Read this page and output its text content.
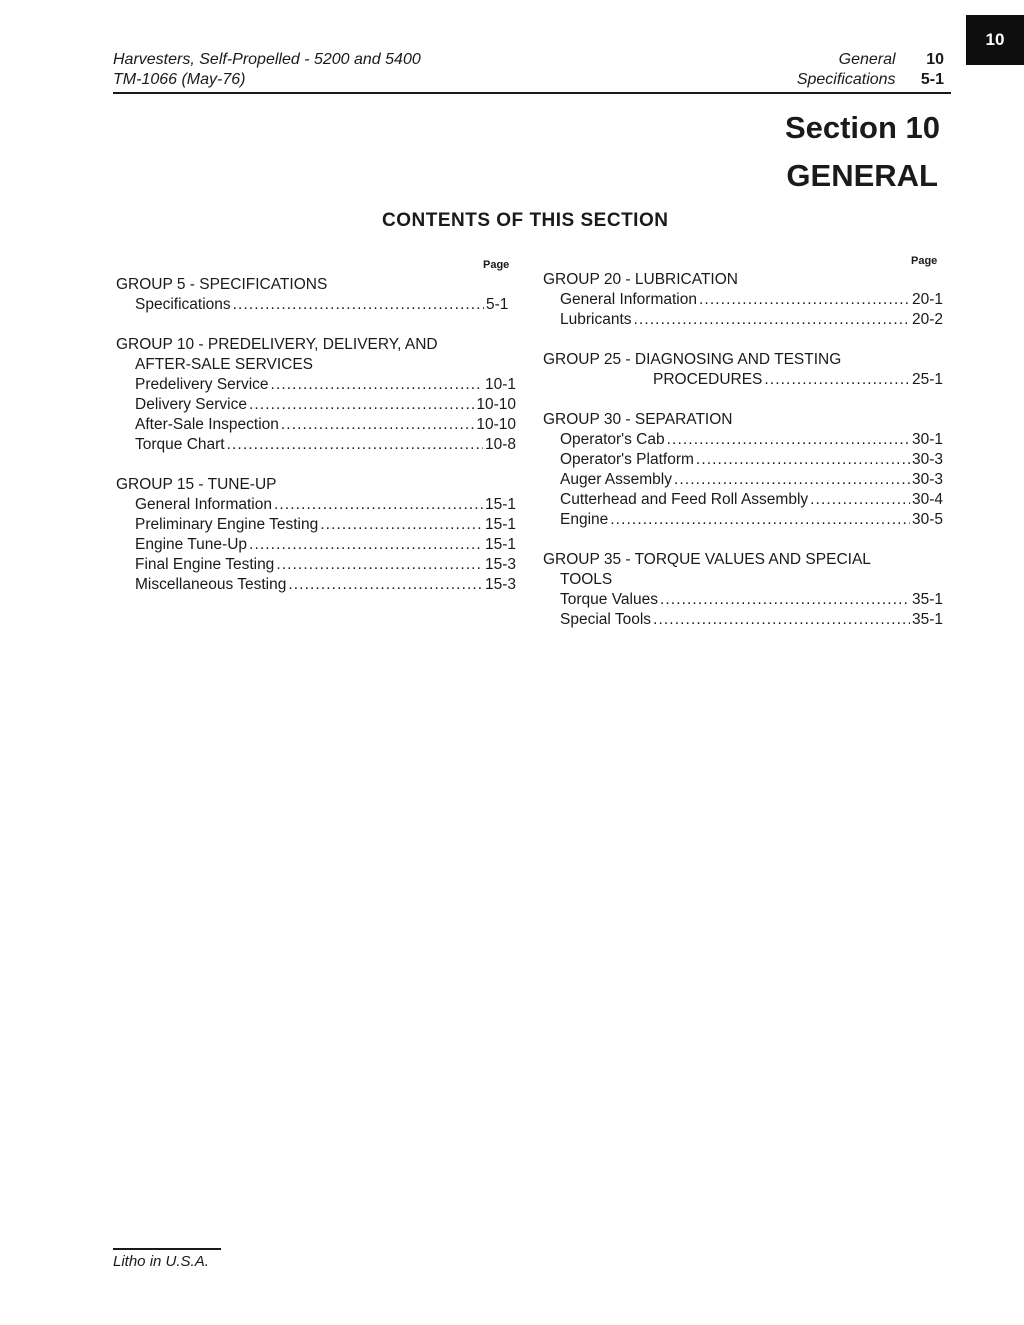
Harvesters, Self-Propelled - 5200 and 5400
TM-1066 (May-76)
General 10
Specifications 5-1
10
Section 10
GENERAL
CONTENTS OF THIS SECTION
Page	Page
GROUP 5 - SPECIFICATIONS
Specifications . . .	5-1
GROUP 10 - PREDELIVERY, DELIVERY, AND
AFTER-SALE SERVICES
Predelivery Service . . .	10-1
Delivery Service . . .	10-10
After-Sale Inspection . . .	10-10
Torque Chart . . .	10-8
GROUP 15 - TUNE-UP
General Information . . .	15-1
Preliminary Engine Testing . . .	15-1
Engine Tune-Up . . .	15-1
Final Engine Testing . . .	15-3
Miscellaneous Testing . . .	15-3
GROUP 20 - LUBRICATION
General Information . . .	20-1
Lubricants . . .	20-2
GROUP 25 - DIAGNOSING AND TESTING
PROCEDURES . . .	25-1
GROUP 30 - SEPARATION
Operator's Cab . . .	30-1
Operator's Platform . . .	30-3
Auger Assembly . . .	30-3
Cutterhead and Feed Roll Assembly . . .	30-4
Engine . . .	30-5
GROUP 35 - TORQUE VALUES AND SPECIAL
TOOLS
Torque Values . . .	35-1
Special Tools . . .	35-1
Litho in U.S.A.
